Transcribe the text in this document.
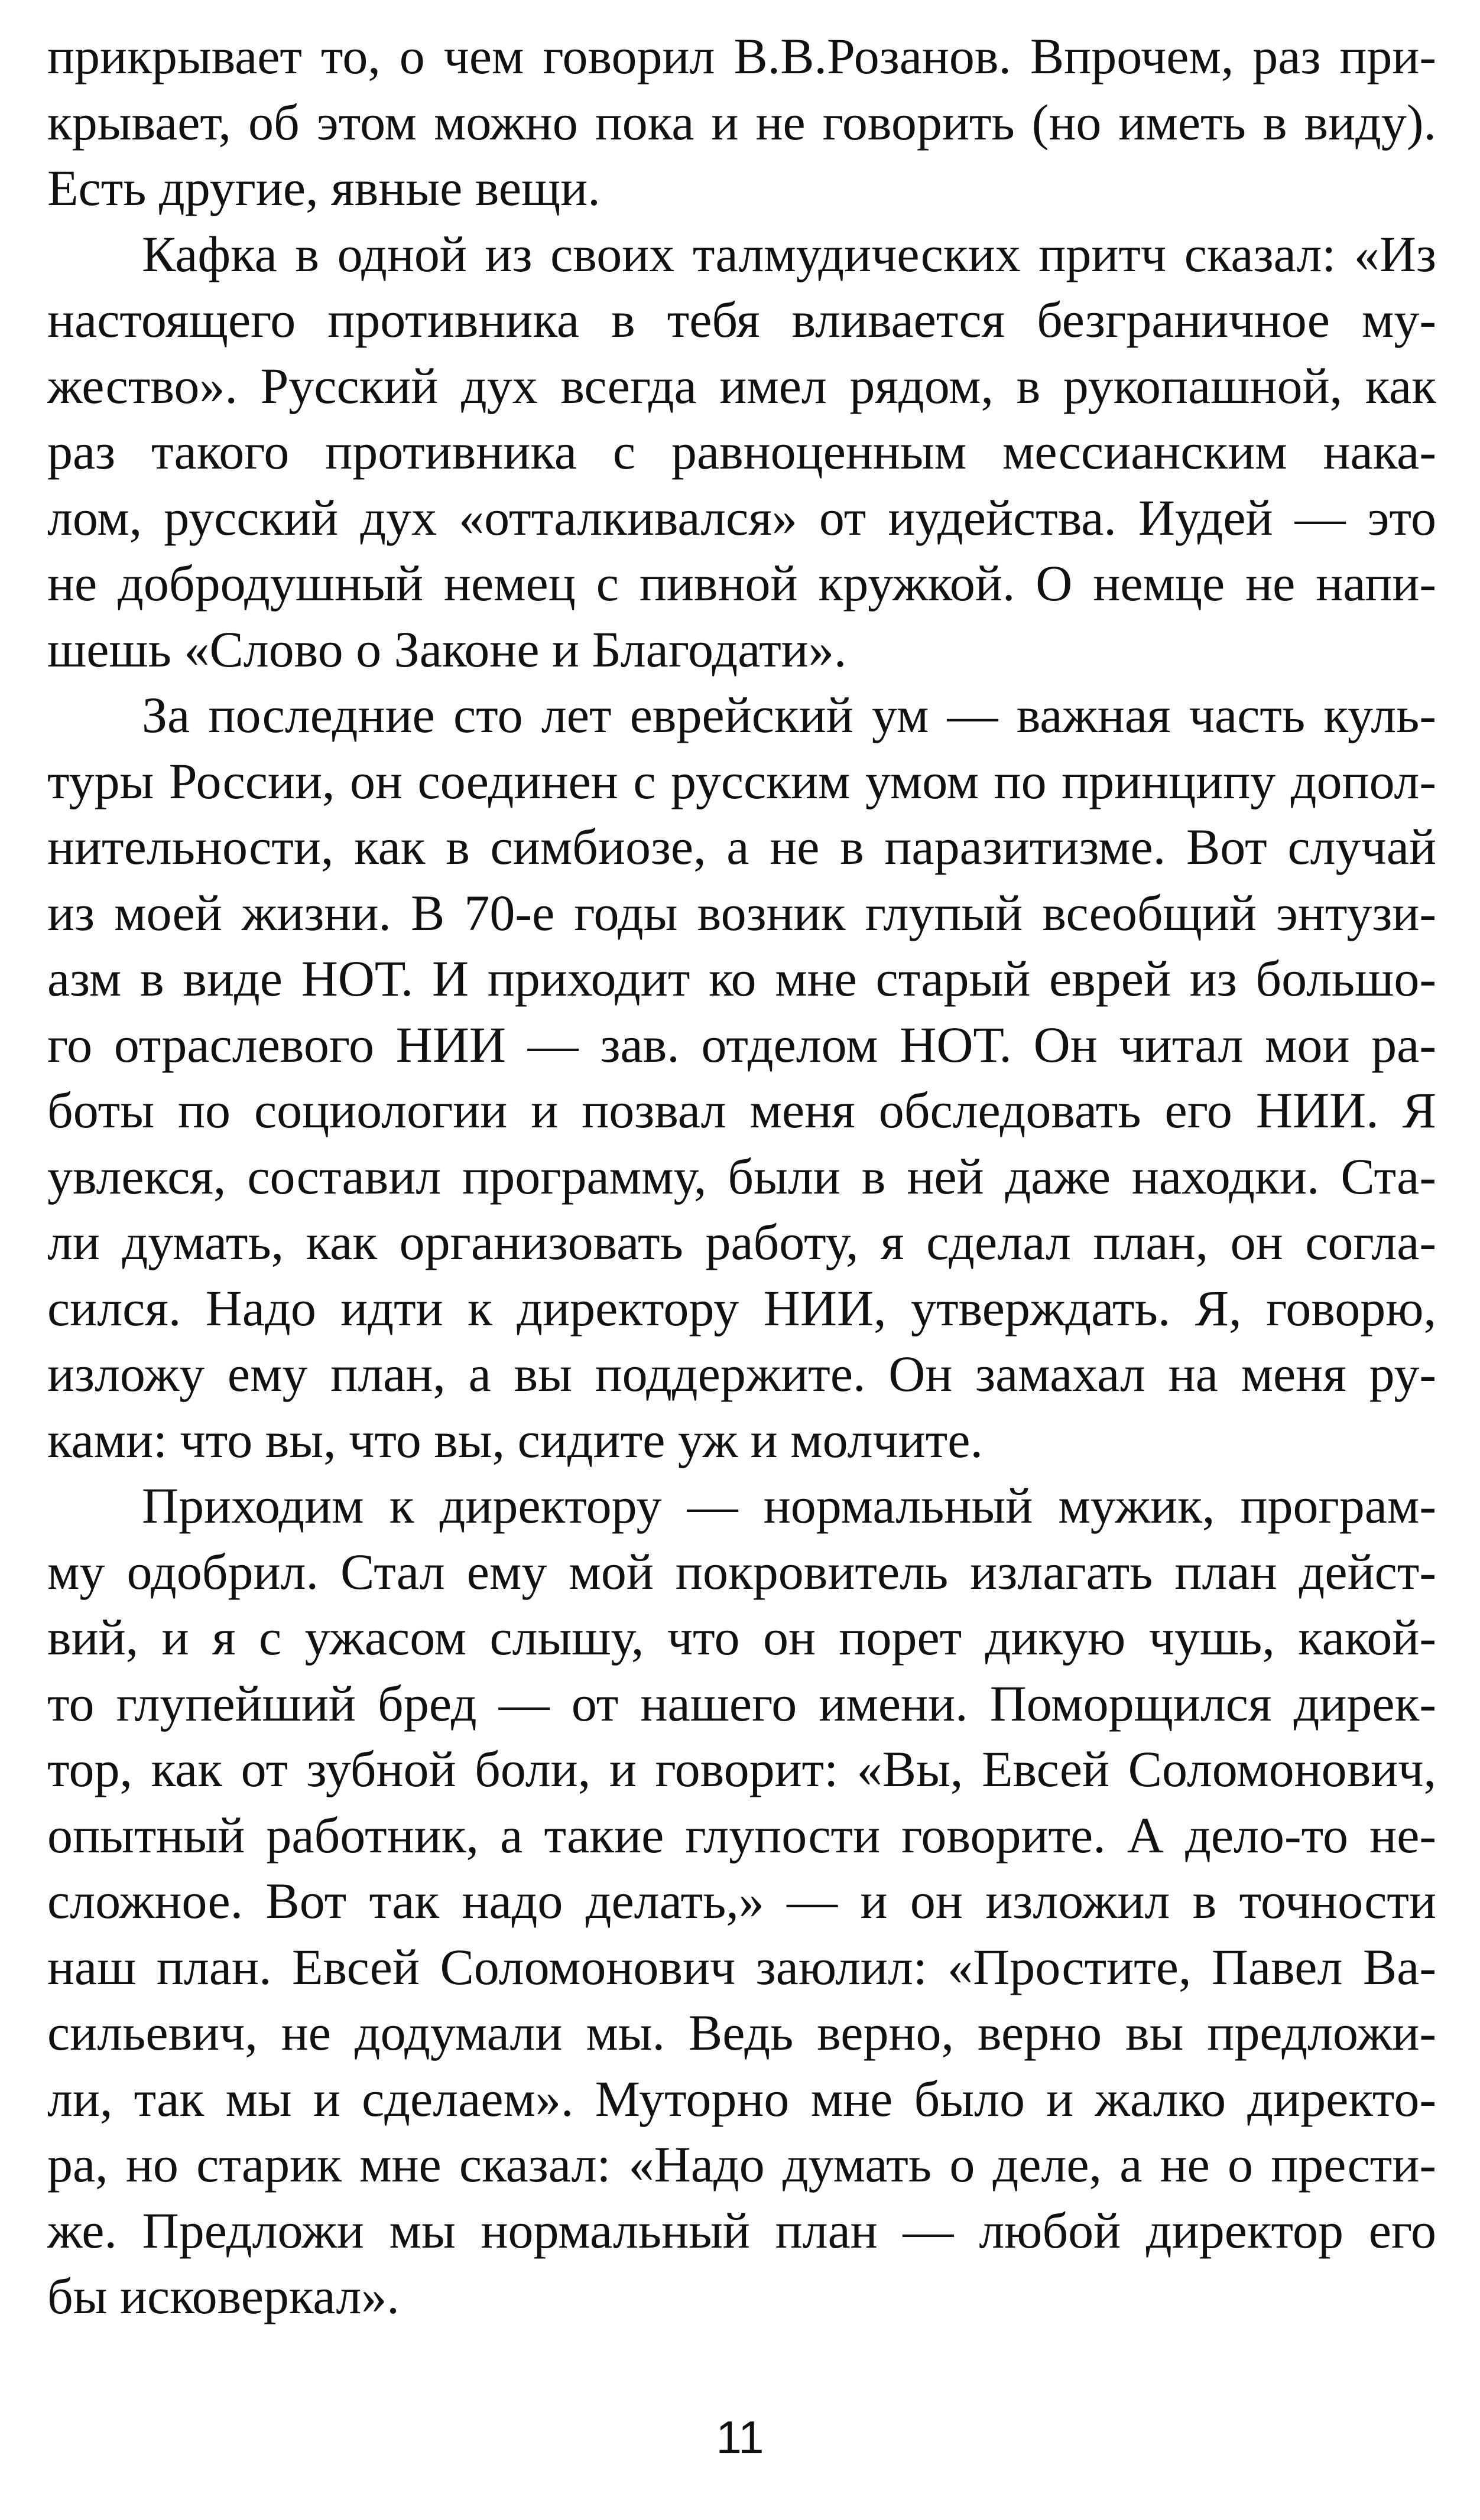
прикрывает то, о чем говорил В.В.Розанов. Впрочем, раз при-
крывает, об этом можно пока и не говорить (но иметь в виду).
Есть другие, явные вещи.
Кафка в одной из своих талмудических притч сказал: «Из
настоящего противника в тебя вливается безграничное му-
жество». Русский дух всегда имел рядом, в рукопашной, как
раз такого противника с равноценным мессианским нака-
лом, русский дух «отталкивался» от иудейства. Иудей — это
не добродушный немец с пивной кружкой. О немце не напи-
шешь «Слово о Законе и Благодати».
За последние сто лет еврейский ум — важная часть куль-
туры России, он соединен с русским умом по принципу допол-
нительности, как в симбиозе, а не в паразитизме. Вот случай
из моей жизни. В 70-е годы возник глупый всеобщий энтузи-
азм в виде НОТ. И приходит ко мне старый еврей из большо-
го отраслевого НИИ — зав. отделом НОТ. Он читал мои ра-
боты по социологии и позвал меня обследовать его НИИ. Я
увлекся, составил программу, были в ней даже находки. Ста-
ли думать, как организовать работу, я сделал план, он согла-
сился. Надо идти к директору НИИ, утверждать. Я, говорю,
изложу ему план, а вы поддержите. Он замахал на меня ру-
ками: что вы, что вы, сидите уж и молчите.
Приходим к директору — нормальный мужик, програм-
му одобрил. Стал ему мой покровитель излагать план дейст-
вий, и я с ужасом слышу, что он порет дикую чушь, какой-
то глупейший бред — от нашего имени. Поморщился дирек-
тор, как от зубной боли, и говорит: «Вы, Евсей Соломонович,
опытный работник, а такие глупости говорите. А дело-то не-
сложное. Вот так надо делать,» — и он изложил в точности
наш план. Евсей Соломонович заюлил: «Простите, Павел Ва-
сильевич, не додумали мы. Ведь верно, верно вы предложи-
ли, так мы и сделаем». Муторно мне было и жалко директо-
ра, но старик мне сказал: «Надо думать о деле, а не о прести-
же. Предложи мы нормальный план — любой директор его
бы исковеркал».
11
